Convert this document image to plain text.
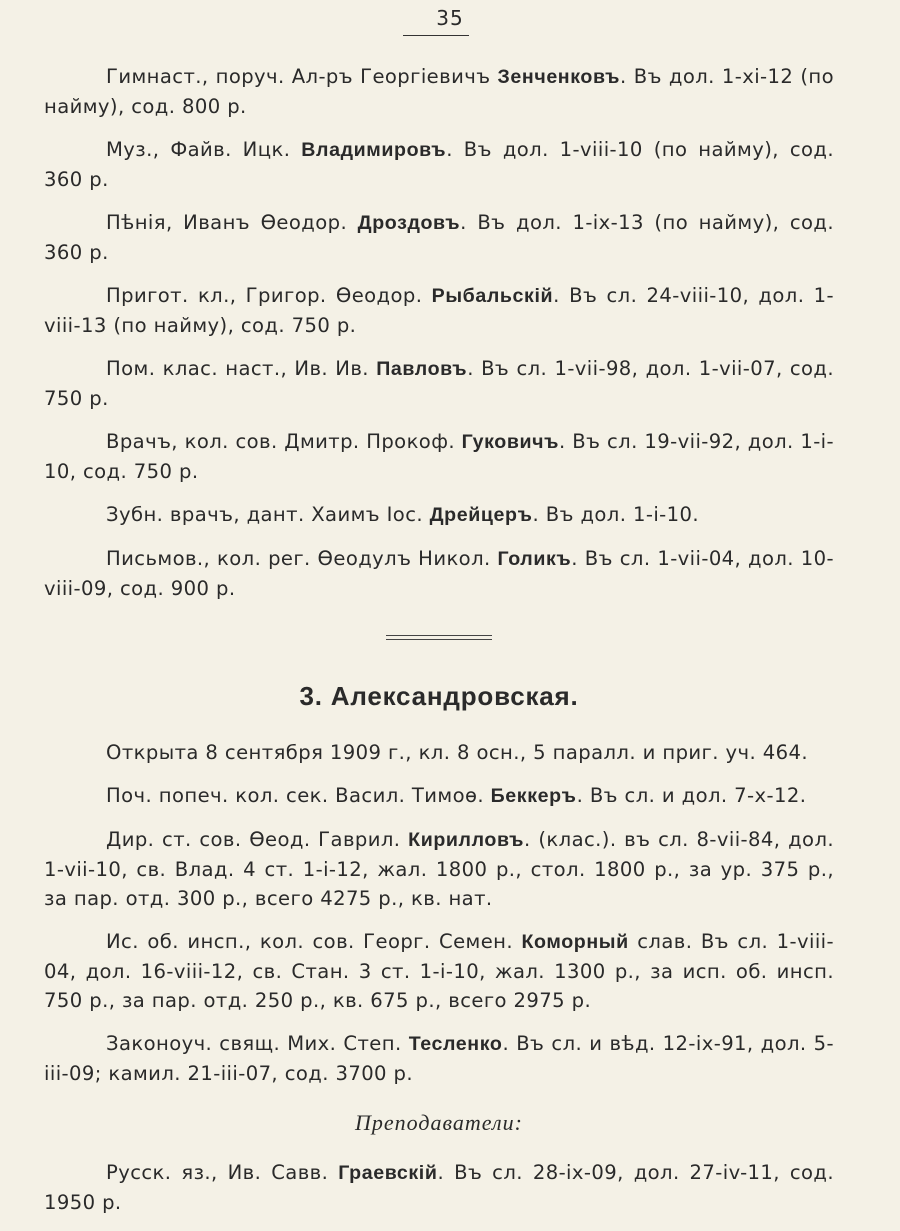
35

Гимнаст., поруч. Ал-ръ Георгіевичъ Зенченковъ. Въ дол. 1-xi-12 (по найму), сод. 800 р.

Муз., Файв. Ицк. Владимировъ. Въ дол. 1-viii-10 (по найму), сод. 360 р.

Пѣнія, Иванъ Өеодор. Дроздовъ. Въ дол. 1-ix-13 (по найму), сод. 360 р.

Пригот. кл., Григор. Өеодор. Рыбальскій. Въ сл. 24-viii-10, дол. 1-viii-13 (по найму), сод. 750 р.

Пом. клас. наст., Ив. Ив. Павловъ. Въ сл. 1-vii-98, дол. 1-vii-07, сод. 750 р.

Врачъ, кол. сов. Дмитр. Прокоф. Гуковичъ. Въ сл. 19-vii-92, дол. 1-i-10, сод. 750 р.

Зубн. врачъ, дант. Хаимъ Іос. Дрейцеръ. Въ дол. 1-i-10.

Письмов., кол. рег. Өеодулъ Никол. Голикъ. Въ сл. 1-vii-04, дол. 10-viii-09, сод. 900 р.

3. Александровская.

Открыта 8 сентября 1909 г., кл. 8 осн., 5 паралл. и приг. уч. 464.

Поч. попеч. кол. сек. Васил. Тимоѳ. Беккеръ. Въ сл. и дол. 7-x-12.

Дир. ст. сов. Өеод. Гаврил. Кирилловъ. (клас.). въ сл. 8-vii-84, дол. 1-vii-10, св. Влад. 4 ст. 1-i-12, жал. 1800 р., стол. 1800 р., за ур. 375 р., за пар. отд. 300 р., всего 4275 р., кв. нат.

Ис. об. инсп., кол. сов. Георг. Семен. Коморный слав. Въ сл. 1-viii-04, дол. 16-viii-12, св. Стан. 3 ст. 1-i-10, жал. 1300 р., за исп. об. инсп. 750 р., за пар. отд. 250 р., кв. 675 р., всего 2975 р.

Законоуч. свящ. Мих. Степ. Тесленко. Въ сл. и вѣд. 12-ix-91, дол. 5-iii-09; камил. 21-iii-07, сод. 3700 р.

Преподаватели:

Русск. яз., Ив. Савв. Граевскій. Въ сл. 28-ix-09, дол. 27-iv-11, сод. 1950 р.
